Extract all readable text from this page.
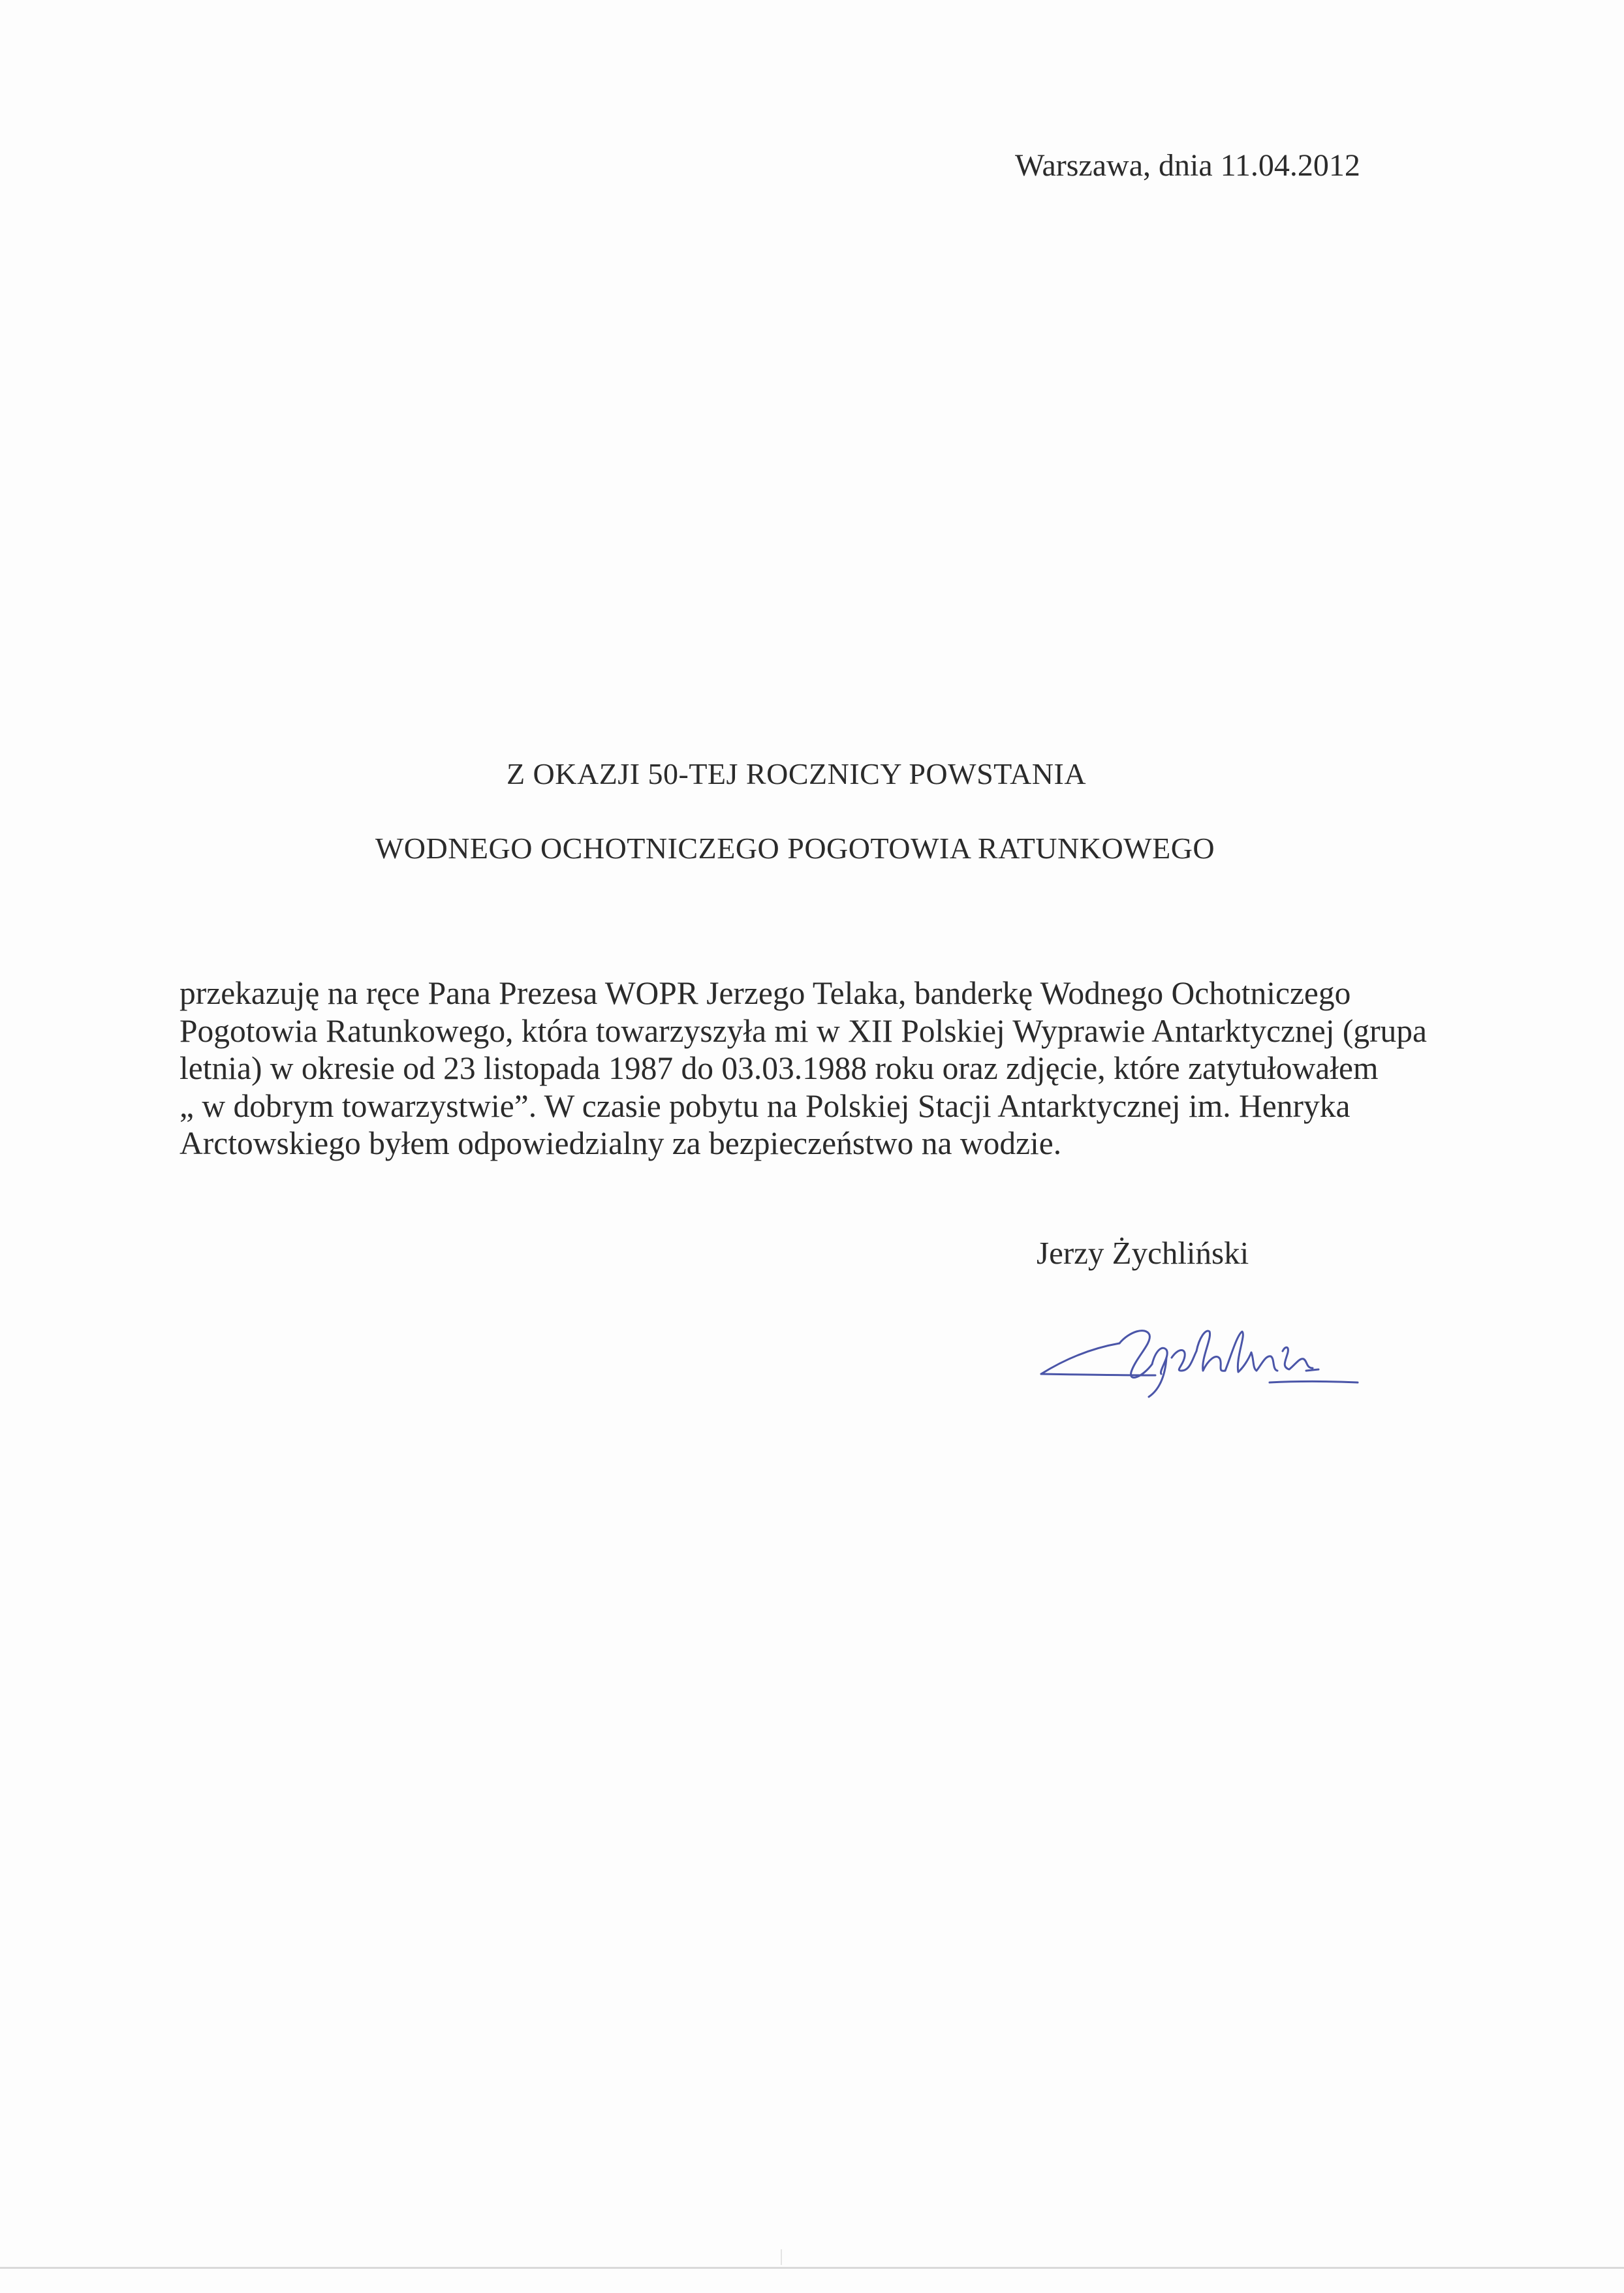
Warszawa, dnia 11.04.2012
Z OKAZJI 50-TEJ ROCZNICY POWSTANIA
WODNEGO OCHOTNICZEGO POGOTOWIA RATUNKOWEGO
przekazuję na ręce Pana Prezesa WOPR Jerzego Telaka, banderkę Wodnego Ochotniczego
Pogotowia Ratunkowego, która towarzyszyła mi w XII Polskiej Wyprawie Antarktycznej (grupa
letnia) w okresie od 23 listopada 1987 do 03.03.1988 roku oraz zdjęcie, które zatytułowałem
„ w dobrym towarzystwie”. W czasie pobytu na Polskiej Stacji Antarktycznej im. Henryka
Arctowskiego byłem odpowiedzialny za bezpieczeństwo na wodzie.
Jerzy Żychliński
